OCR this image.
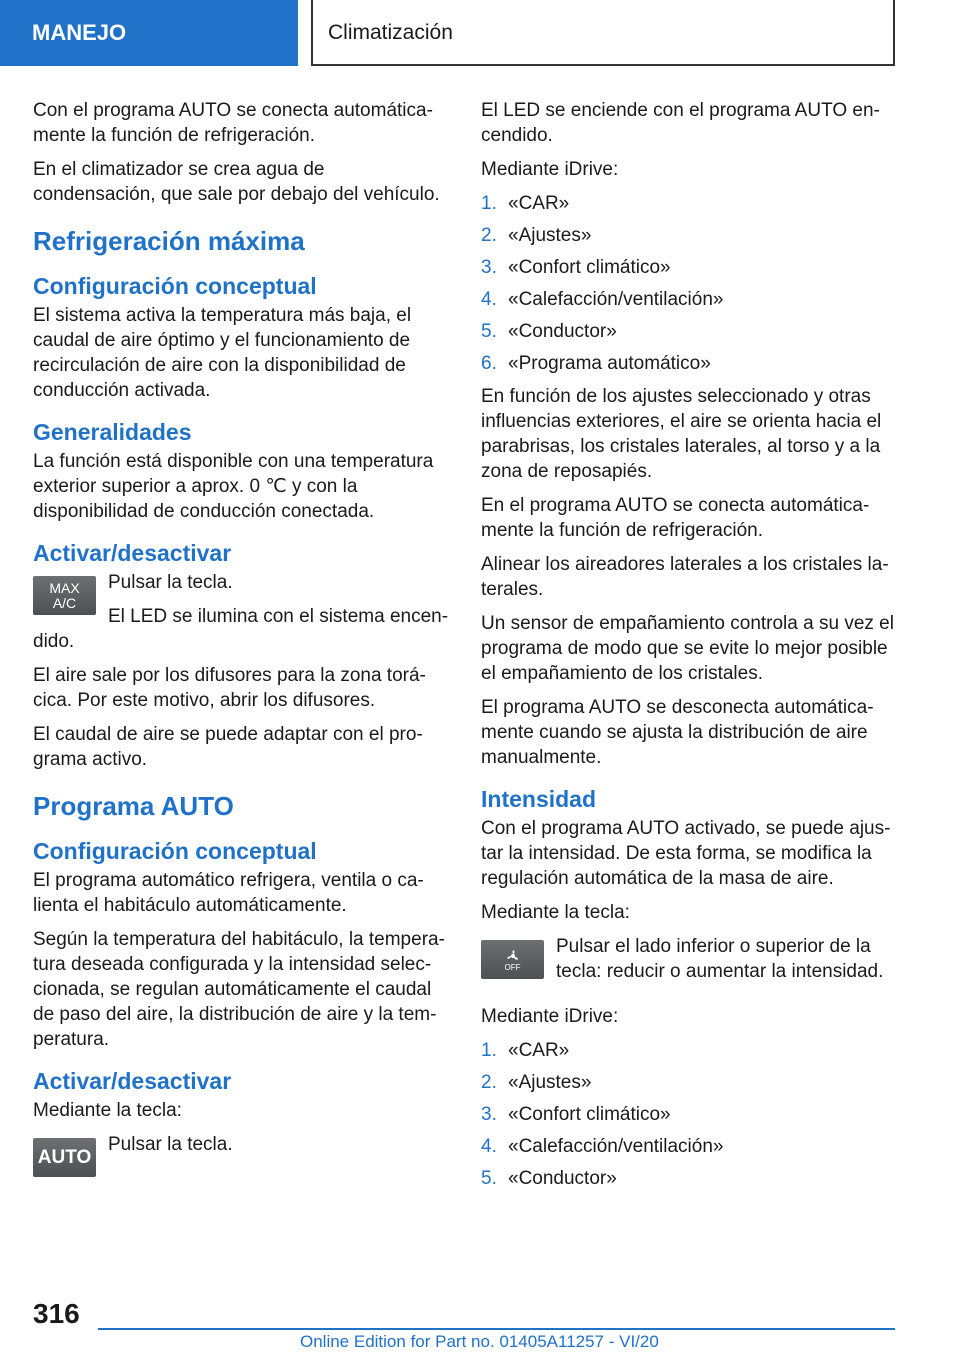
MANEJO	Climatización

Con el programa AUTO se conecta automáticamente la función de refrigeración.

En el climatizador se crea agua de condensación, que sale por debajo del vehículo.

Refrigeración máxima
Configuración conceptual

El sistema activa la temperatura más baja, el caudal de aire óptimo y el funcionamiento de recirculación de aire con la disponibilidad de conducción activada.

Generalidades

La función está disponible con una temperatura exterior superior a aprox. 0 ℃ y con la disponibilidad de conducción conectada.

Activar/desactivar
MAX
A/C

Pulsar la tecla.

El LED se ilumina con el sistema encendido.

El aire sale por los difusores para la zona torácica. Por este motivo, abrir los difusores.

El caudal de aire se puede adaptar con el programa activo.

Programa AUTO
Configuración conceptual

El programa automático refrigera, ventila o calienta el habitáculo automáticamente.

Según la temperatura del habitáculo, la temperatura deseada configurada y la intensidad seleccionada, se regulan automáticamente el caudal de paso del aire, la distribución de aire y la temperatura.

Activar/desactivar

Mediante la tecla:

AUTO

Pulsar la tecla.

El LED se enciende con el programa AUTO encendido.

Mediante iDrive:

1. «CAR»
2. «Ajustes»
3. «Confort climático»
4. «Calefacción/ventilación»
5. «Conductor»
6. «Programa automático»

En función de los ajustes seleccionado y otras influencias exteriores, el aire se orienta hacia el parabrisas, los cristales laterales, al torso y a la zona de reposapiés.

En el programa AUTO se conecta automáticamente la función de refrigeración.

Alinear los aireadores laterales a los cristales laterales.

Un sensor de empañamiento controla a su vez el programa de modo que se evite lo mejor posible el empañamiento de los cristales.

El programa AUTO se desconecta automáticamente cuando se ajusta la distribución de aire manualmente.

Intensidad

Con el programa AUTO activado, se puede ajustar la intensidad. De esta forma, se modifica la regulación automática de la masa de aire.

Mediante la tecla:

OFF

Pulsar el lado inferior o superior de la tecla: reducir o aumentar la intensidad.

Mediante iDrive:

1. «CAR»
2. «Ajustes»
3. «Confort climático»
4. «Calefacción/ventilación»
5. «Conductor»
316
Online Edition for Part no. 01405A11257 - VI/20
